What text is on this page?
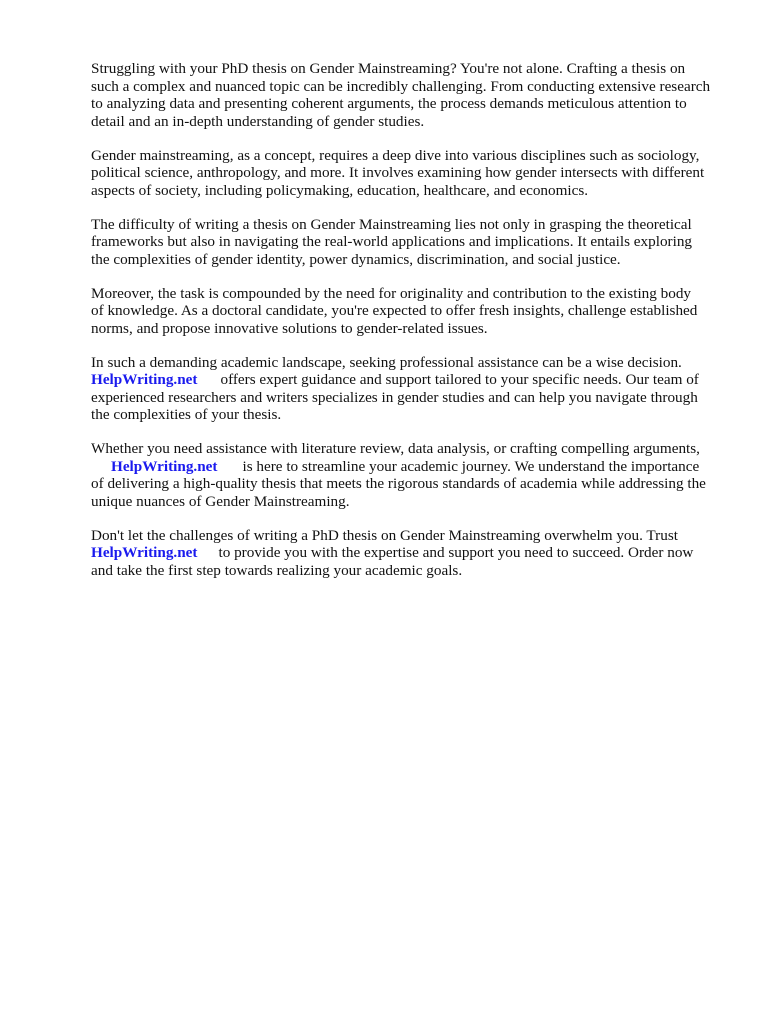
Struggling with your PhD thesis on Gender Mainstreaming? You're not alone. Crafting a thesis on
such a complex and nuanced topic can be incredibly challenging. From conducting extensive research
to analyzing data and presenting coherent arguments, the process demands meticulous attention to
detail and an in-depth understanding of gender studies.

Gender mainstreaming, as a concept, requires a deep dive into various disciplines such as sociology,
political science, anthropology, and more. It involves examining how gender intersects with different
aspects of society, including policymaking, education, healthcare, and economics.

The difficulty of writing a thesis on Gender Mainstreaming lies not only in grasping the theoretical
frameworks but also in navigating the real-world applications and implications. It entails exploring
the complexities of gender identity, power dynamics, discrimination, and social justice.

Moreover, the task is compounded by the need for originality and contribution to the existing body
of knowledge. As a doctoral candidate, you're expected to offer fresh insights, challenge established
norms, and propose innovative solutions to gender-related issues.

In such a demanding academic landscape, seeking professional assistance can be a wise decision.
HelpWriting.net offers expert guidance and support tailored to your specific needs. Our team of
experienced researchers and writers specializes in gender studies and can help you navigate through
the complexities of your thesis.

Whether you need assistance with literature review, data analysis, or crafting compelling arguments,
HelpWriting.net is here to streamline your academic journey. We understand the importance
of delivering a high-quality thesis that meets the rigorous standards of academia while addressing the
unique nuances of Gender Mainstreaming.

Don't let the challenges of writing a PhD thesis on Gender Mainstreaming overwhelm you. Trust
HelpWriting.net to provide you with the expertise and support you need to succeed. Order now
and take the first step towards realizing your academic goals.
